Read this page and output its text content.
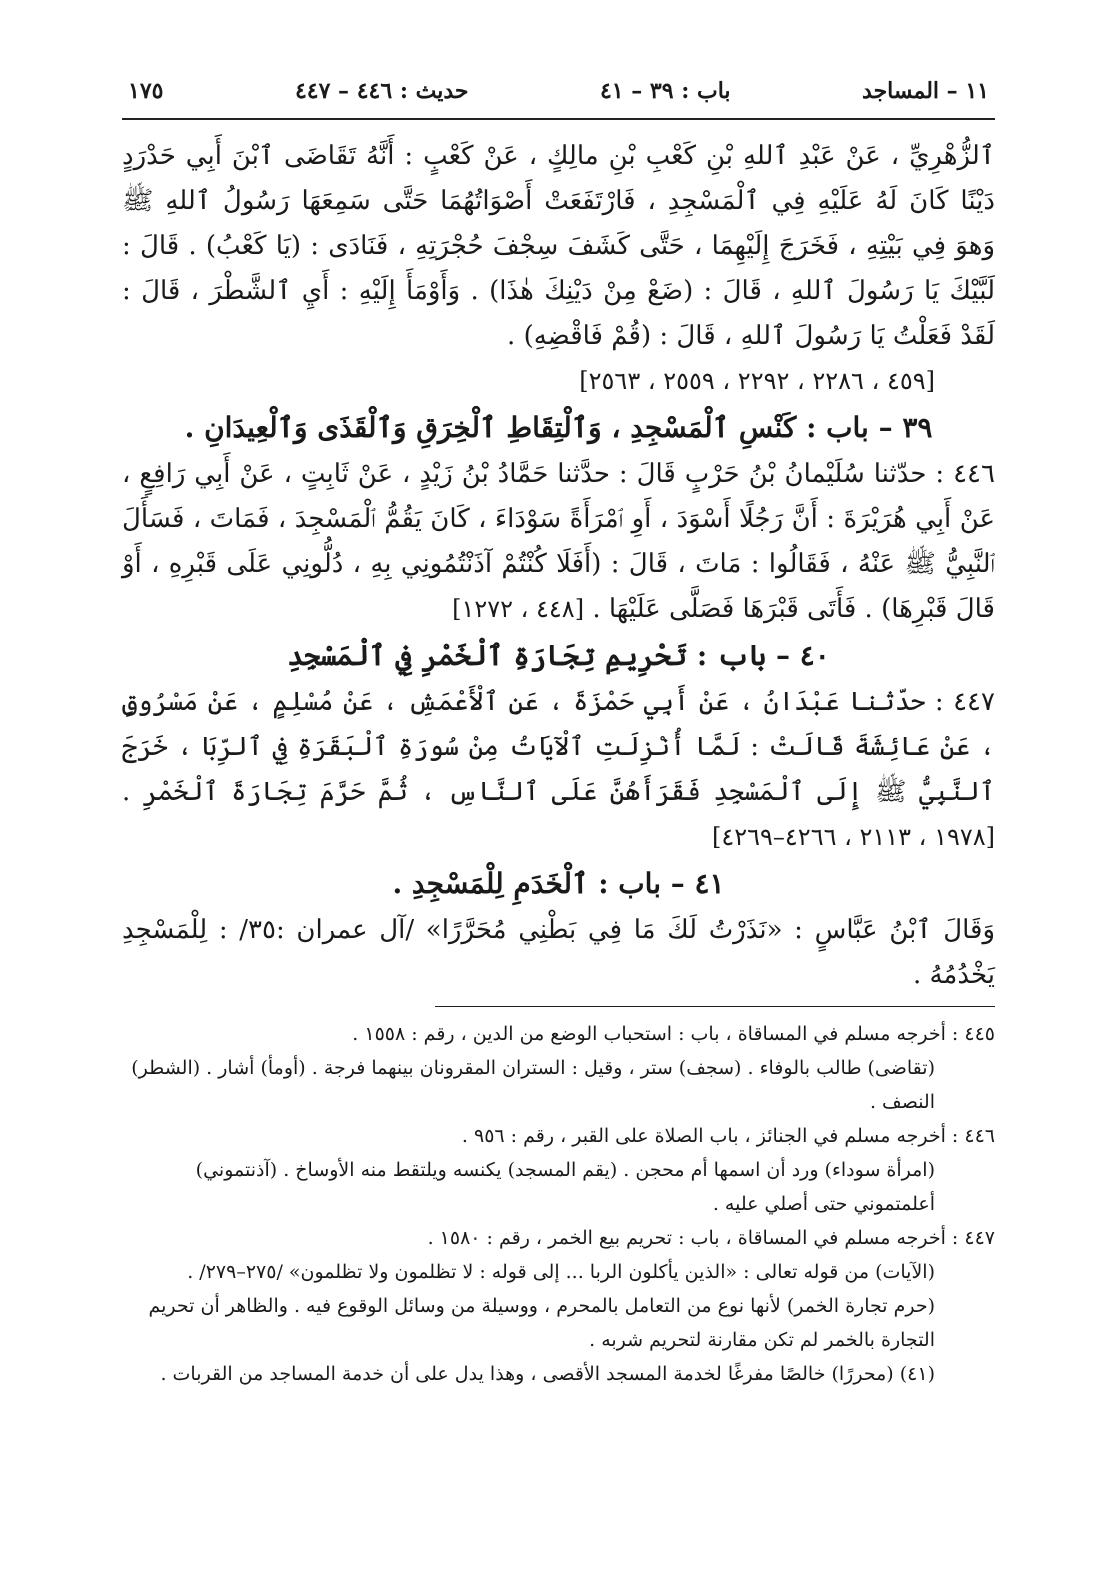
١١ – المساجد
باب : ٣٩ – ٤١
حديث : ٤٤٦ – ٤٤٧
١٧٥

ٱلزُّهْرِيِّ ، عَنْ عَبْدِ ٱللهِ بْنِ كَعْبِ بْنِ مالِكٍ ، عَنْ كَعْبٍ : أَنَّهُ تَقَاضَى ٱبْنَ أَبِي حَدْرَدٍ دَيْنًا كَانَ لَهُ عَلَيْهِ فِي ٱلْمَسْجِدِ ، فَارْتَفَعَتْ أَصْوَاتُهُمَا حَتَّى سَمِعَهَا رَسُولُ ٱللهِ ﷺ وَهوَ فِي بَيْتِهِ ، فَخَرَجَ إِلَيْهِمَا ، حَتَّى كَشَفَ سِجْفَ حُجْرَتِهِ ، فَنَادَى : (يَا كَعْبُ) . قَالَ : لَبَّيْكَ يَا رَسُولَ ٱللهِ ، قَالَ : (ضَعْ مِنْ دَيْنِكَ هٰذَا) . وَأَوْمَأَ إِلَيْهِ : أَيِ ٱلشَّطْرَ ، قَالَ : لَقَدْ فَعَلْتُ يَا رَسُولَ ٱللهِ ، قَالَ : (قُمْ فَاقْضِهِ) .

[٤٥٩ ، ٢٢٨٦ ، ٢٢٩٢ ، ٢٥٥٩ ، ٢٥٦٣]

٣٩ – باب : كَنْسِ ٱلْمَسْجِدِ ، وَٱلْتِقَاطِ ٱلْخِرَقِ وَٱلْقَذَى وَٱلْعِيدَانِ .

٤٤٦ : حدّثنا سُلَيْمانُ بْنُ حَرْبٍ قَالَ : حدَّثنا حَمَّادُ بْنُ زَيْدٍ ، عَنْ ثَابِتٍ ، عَنْ أَبِي رَافِعٍ ، عَنْ أَبِي هُرَيْرَةَ : أَنَّ رَجُلًا أَسْوَدَ ، أَوِ ٱمْرَأَةً سَوْدَاءَ ، كَانَ يَقُمُّ ٱلْمَسْجِدَ ، فَمَاتَ ، فَسَأَلَ ٱلنَّبِيُّ ﷺ عَنْهُ ، فَقَالُوا : مَاتَ ، قَالَ : (أَفَلَا كُنْتُمْ آذَنْتُمُونِي بِهِ ، دُلُّونِي عَلَى قَبْرِهِ ، أَوْ قَالَ قَبْرِهَا) . فَأَتَى قَبْرَهَا فَصَلَّى عَلَيْهَا . [٤٤٨ ، ١٢٧٢]

٤٠ – باب : تَحْرِيمِ تِجَارَةِ ٱلْخَمْرِ فِي ٱلْمَسْجِدِ

٤٤٧ : حدّثنا عَبْدَانُ ، عَنْ أَبِي حَمْزَةَ ، عَنِ ٱلْأَعْمَشِ ، عَنْ مُسْلِمٍ ، عَنْ مَسْرُوقٍ ، عَنْ عَائِشَةَ قَالَتْ : لَمَّا أُنْزِلَتِ ٱلْآيَاتُ مِنْ سُورَةِ ٱلْبَقَرَةِ فِي ٱلرِّبَا ، خَرَجَ ٱلنَّبِيُّ ﷺ إِلَى ٱلْمَسْجِدِ فَقَرَأَهُنَّ عَلَى ٱلنَّاسِ ، ثُمَّ حَرَّمَ تِجَارَةَ ٱلْخَمْرِ . [١٩٧٨ ، ٢١١٣ ، ٤٢٦٦–٤٢٦٩]

٤١ – باب : ٱلْخَدَمِ لِلْمَسْجِدِ .

وَقَالَ ٱبْنُ عَبَّاسٍ : «نَذَرْتُ لَكَ مَا فِي بَطْنِي مُحَرَّرًا» /آل عمران :٣٥/ : لِلْمَسْجِدِ يَخْدُمُهُ .

٤٤٥ : أخرجه مسلم في المساقاة ، باب : استحباب الوضع من الدين ، رقم : ١٥٥٨ .

(تقاضى) طالب بالوفاء . (سجف) ستر ، وقيل : الستران المقرونان بينهما فرجة . (أومأ) أشار . (الشطر) النصف .

٤٤٦ : أخرجه مسلم في الجنائز ، باب الصلاة على القبر ، رقم : ٩٥٦ .

(امرأة سوداء) ورد أن اسمها أم محجن . (يقم المسجد) يكنسه ويلتقط منه الأوساخ . (آذنتموني) أعلمتموني حتى أصلي عليه .

٤٤٧ : أخرجه مسلم في المساقاة ، باب : تحريم بيع الخمر ، رقم : ١٥٨٠ .

(الآيات) من قوله تعالى : «الذين يأكلون الربا ... إلى قوله : لا تظلمون ولا تظلمون» /٢٧٥–٢٧٩/ .

(حرم تجارة الخمر) لأنها نوع من التعامل بالمحرم ، ووسيلة من وسائل الوقوع فيه . والظاهر أن تحريم التجارة بالخمر لم تكن مقارنة لتحريم شربه .

(٤١) (محررًا) خالصًا مفرغًا لخدمة المسجد الأقصى ، وهذا يدل على أن خدمة المساجد من القربات .
